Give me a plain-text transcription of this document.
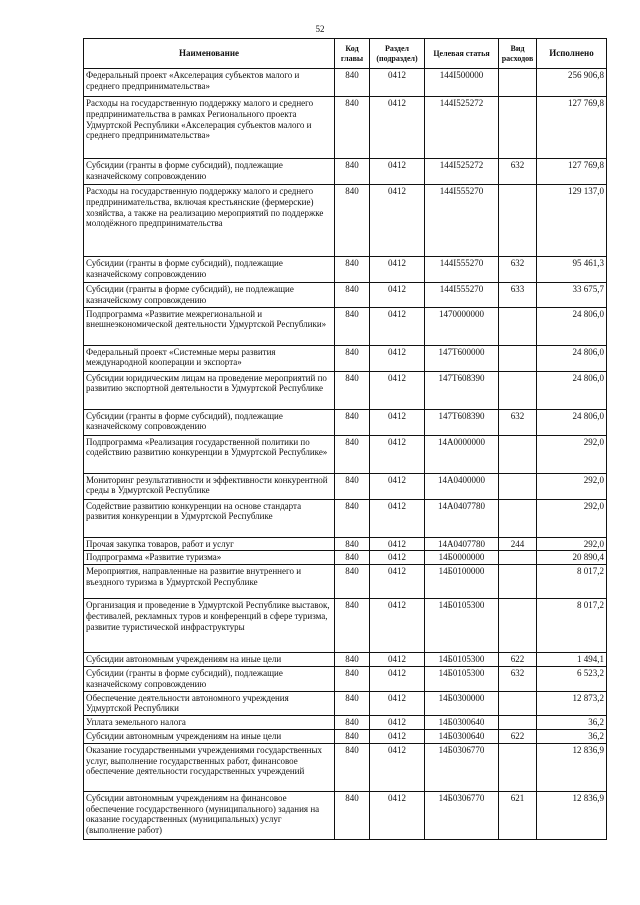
52
Наименование	Код главы	Раздел (подраздел)	Целевая статья	Вид расходов	Исполнено
Федеральный проект «Акселерация субъектов малого и среднего предпринимательства»	840	0412	144I500000		256 906,8
Расходы на государственную поддержку малого и среднего предпринимательства в рамках Регионального проекта Удмуртской Республики «Акселерация субъектов малого и среднего предпринимательства»	840	0412	144I525272		127 769,8
Субсидии (гранты в форме субсидий), подлежащие казначейскому сопровождению	840	0412	144I525272	632	127 769,8
Расходы на государственную поддержку малого и среднего предпринимательства, включая крестьянские (фермерские) хозяйства, а также на реализацию мероприятий по поддержке молодёжного предпринимательства	840	0412	144I555270		129 137,0
Субсидии (гранты в форме субсидий), подлежащие казначейскому сопровождению	840	0412	144I555270	632	95 461,3
Субсидии (гранты в форме субсидий), не подлежащие казначейскому сопровождению	840	0412	144I555270	633	33 675,7
Подпрограмма «Развитие межрегиональной и внешнеэкономической деятельности Удмуртской Республики»	840	0412	1470000000		24 806,0
Федеральный проект «Системные меры развития международной кооперации и экспорта»	840	0412	147T600000		24 806,0
Субсидии юридическим лицам на проведение мероприятий по развитию экспортной деятельности в Удмуртской Республике	840	0412	147T608390		24 806,0
Субсидии (гранты в форме субсидий), подлежащие казначейскому сопровождению	840	0412	147T608390	632	24 806,0
Подпрограмма «Реализация государственной политики по содействию развитию конкуренции в Удмуртской Республике»	840	0412	14A0000000		292,0
Мониторинг результативности и эффективности конкурентной среды в Удмуртской Республике	840	0412	14A0400000		292,0
Содействие развитию конкуренции на основе стандарта развития конкуренции в Удмуртской Республике	840	0412	14A0407780		292,0
Прочая закупка товаров, работ и услуг	840	0412	14A0407780	244	292,0
Подпрограмма «Развитие туризма»	840	0412	14Б0000000		20 890,4
Мероприятия, направленные на развитие внутреннего и въездного туризма в Удмуртской Республике	840	0412	14Б0100000		8 017,2
Организация и проведение в Удмуртской Республике выставок, фестивалей, рекламных туров и конференций в сфере туризма, развитие туристической инфраструктуры	840	0412	14Б0105300		8 017,2
Субсидии автономным учреждениям на иные цели	840	0412	14Б0105300	622	1 494,1
Субсидии (гранты в форме субсидий), подлежащие казначейскому сопровождению	840	0412	14Б0105300	632	6 523,2
Обеспечение деятельности автономного учреждения Удмуртской Республики	840	0412	14Б0300000		12 873,2
Уплата земельного налога	840	0412	14Б0300640		36,2
Субсидии автономным учреждениям на иные цели	840	0412	14Б0300640	622	36,2
Оказание государственными учреждениями государственных услуг, выполнение государственных работ, финансовое обеспечение деятельности государственных учреждений	840	0412	14Б0306770		12 836,9
Субсидии автономным учреждениям на финансовое обеспечение государственного (муниципального) задания на оказание государственных (муниципальных) услуг (выполнение работ)	840	0412	14Б0306770	621	12 836,9
